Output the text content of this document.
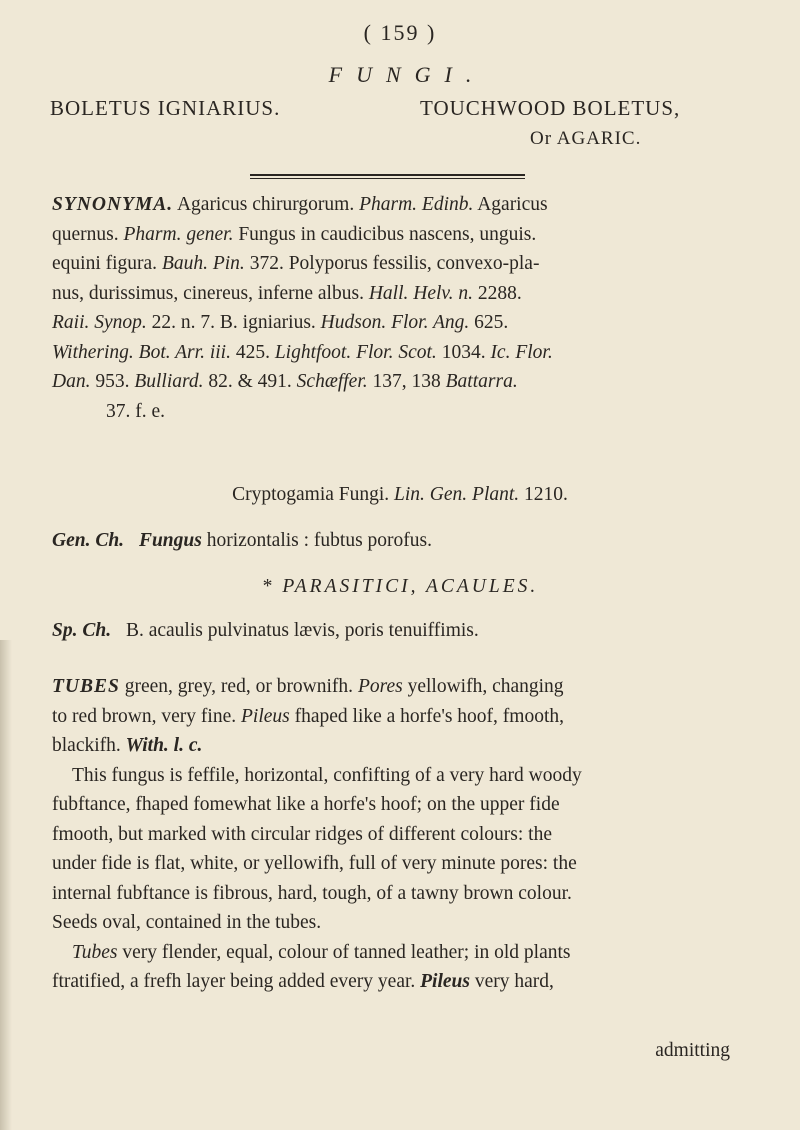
( 159 )
FUNGI.
BOLETUS IGNIARIUS.	TOUCHWOOD BOLETUS,
Or AGARIC.
SYNONYMA. Agaricus chirurgorum. Pharm. Edinb. Agaricus
quernus. Pharm. gener. Fungus in caudicibus nascens, unguis.
equini figura. Bauh. Pin. 372. Polyporus fessilis, convexo-pla-
nus, durissimus, cinereus, inferne albus. Hall. Helv. n. 2288.
Raii. Synop. 22. n. 7. B. igniarius. Hudson. Flor. Ang. 625.
Withering. Bot. Arr. iii. 425. Lightfoot. Flor. Scot. 1034. Ic. Flor.
Dan. 953. Bulliard. 82. & 491. Schæffer. 137, 138 Battarra.
37. f. e.
Cryptogamia Fungi. Lin. Gen. Plant. 1210.
Gen. Ch. Fungus horizontalis : fubtus porofus.
* PARASITICI, ACAULES.
Sp. Ch. B. acaulis pulvinatus lævis, poris tenuiffimis.
TUBES green, grey, red, or brownifh. Pores yellowifh, changing
to red brown, very fine. Pileus fhaped like a horfe's hoof, fmooth,
blackifh. With. l. c.
This fungus is feffile, horizontal, confifting of a very hard woody
fubftance, fhaped fomewhat like a horfe's hoof; on the upper fide
fmooth, but marked with circular ridges of different colours: the
under fide is flat, white, or yellowifh, full of very minute pores: the
internal fubftance is fibrous, hard, tough, of a tawny brown colour.
Seeds oval, contained in the tubes.
Tubes very flender, equal, colour of tanned leather; in old plants
ftratified, a frefh layer being added every year. Pileus very hard,
admitting
